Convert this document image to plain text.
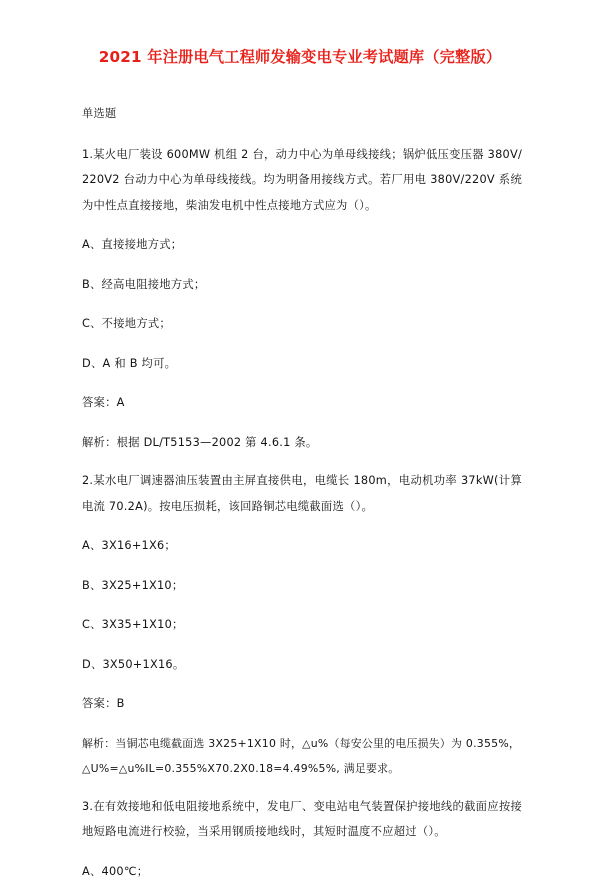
2021 年注册电气工程师发输变电专业考试题库（完整版）
单选题
1.某火电厂装设 600MW 机组 2 台，动力中心为单母线接线；锅炉低压变压器 380V/220V2 台动力中心为单母线接线。均为明备用接线方式。若厂用电 380V/220V 系统为中性点直接接地，柴油发电机中性点接地方式应为（）。
A、直接接地方式；
B、经高电阻接地方式；
C、不接地方式；
D、A 和 B 均可。
答案：A
解析：根据 DL/T5153—2002 第 4.6.1 条。
2.某水电厂调速器油压装置由主屏直接供电，电缆长 180m，电动机功率 37kW(计算电流 70.2A)。按电压损耗，该回路铜芯电缆截面选（）。
A、3X16+1X6；
B、3X25+1X10；
C、3X35+1X10；
D、3X50+1X16。
答案：B
解析：当铜芯电缆截面选 3X25+1X10 时，△u%（每安公里的电压损失）为 0.355%，
△U%=△u%IL=0.355%X70.2X0.18=4.49%5%, 满足要求。
3.在有效接地和低电阻接地系统中，发电厂、变电站电气装置保护接地线的截面应按接地短路电流进行校验，当采用钢质接地线时，其短时温度不应超过（）。
A、400℃；
